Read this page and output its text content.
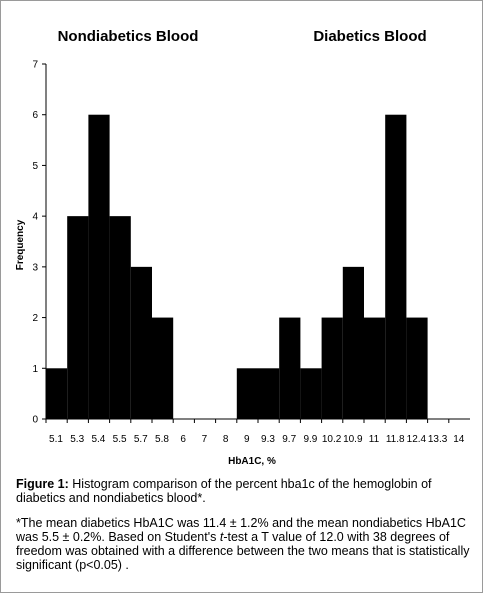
Nondiabetics Blood	Diabetics Blood
0
1
2
3
4
5
6
7
5.1 5.3 5.4 5.5 5.7 5.8 6 7 8 9 9.3 9.7 9.9 10.2 10.9 11 11.8 12.4 13.3 14
Frequency
HbA1C, %

Figure 1: Histogram comparison of the percent hba1c of the hemoglobin of diabetics and nondiabetics blood*.

*The mean diabetics HbA1C was 11.4 ± 1.2% and the mean nondiabetics HbA1C was 5.5 ± 0.2%. Based on Student's t-test a T value of 12.0 with 38 degrees of freedom was obtained with a difference between the two means that is statistically significant (p<0.05) .
